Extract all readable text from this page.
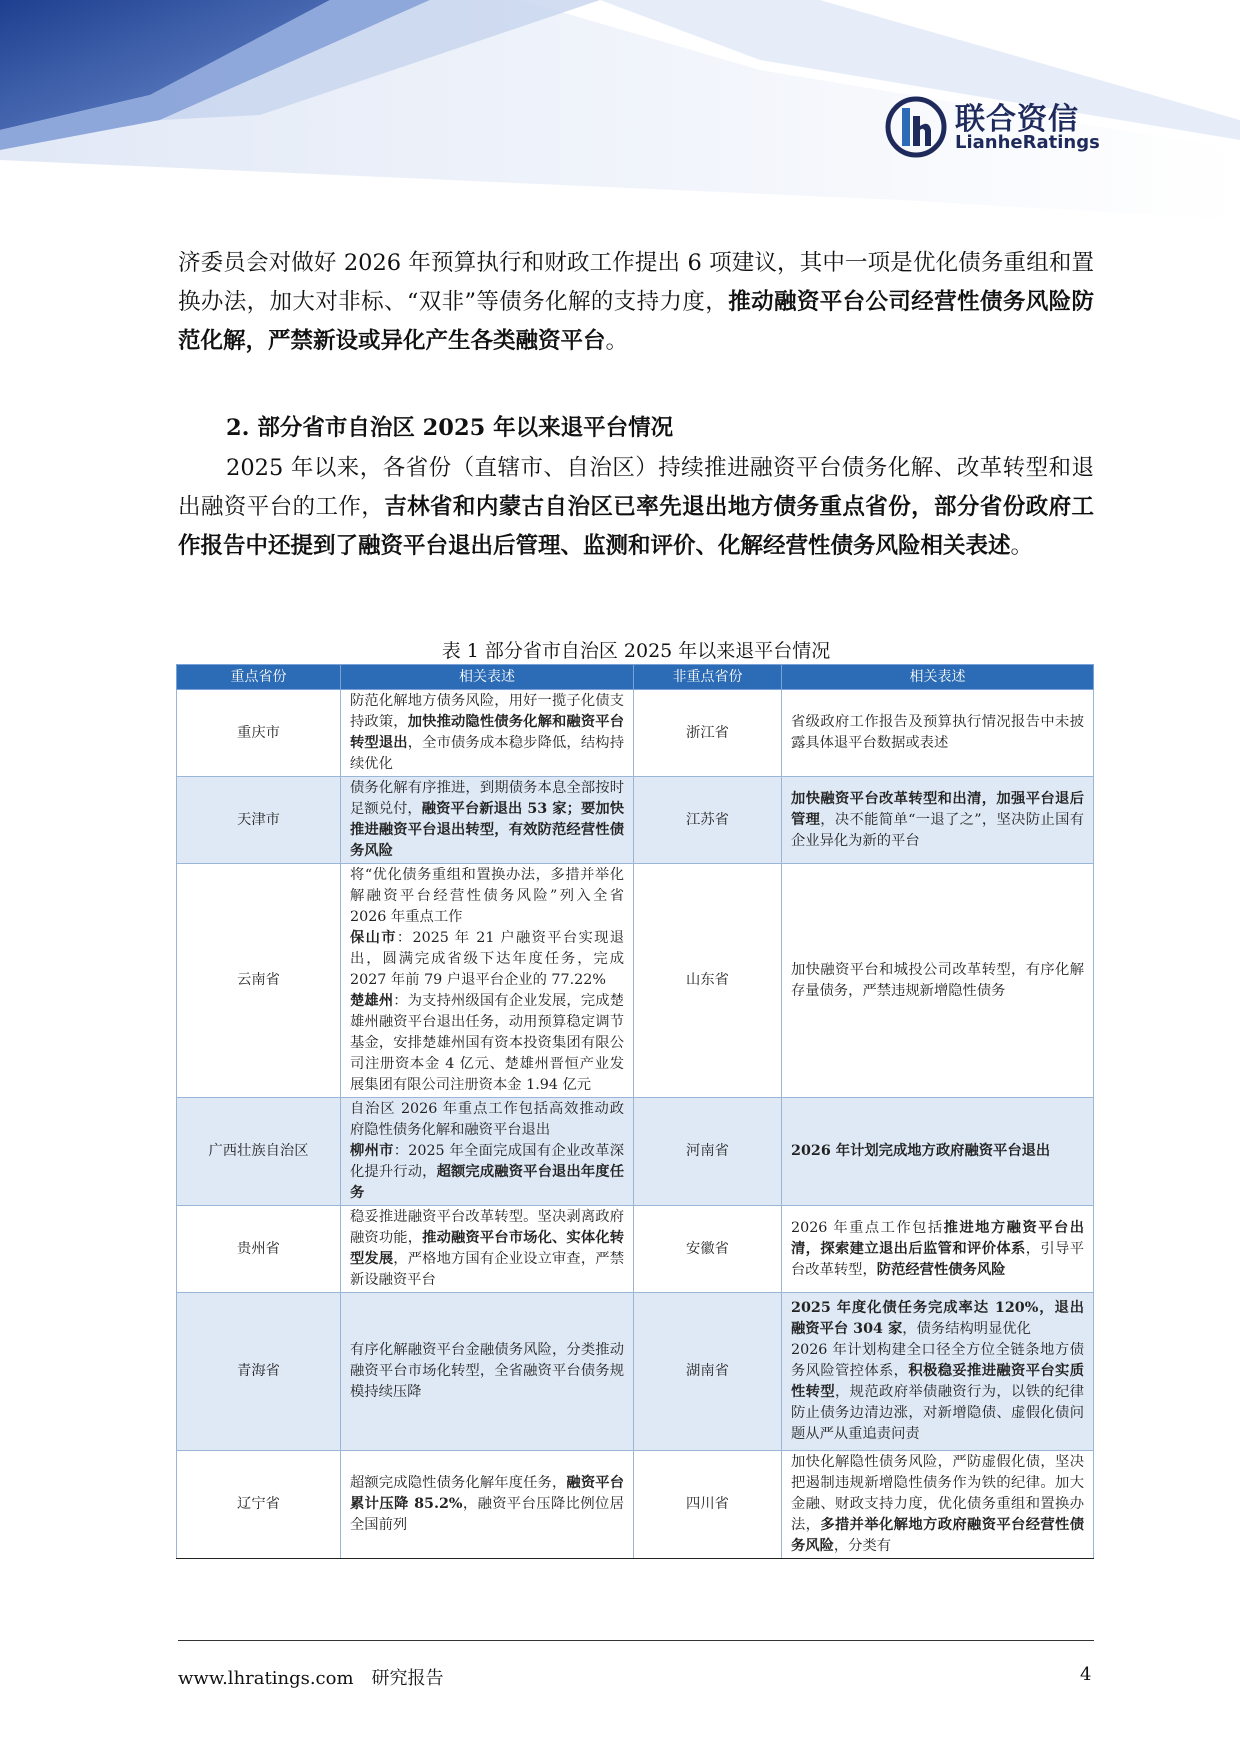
联合资信
LianheRatings

济委员会对做好 2026 年预算执行和财政工作提出 6 项建议，其中一项是优化债务重组和置换办法，加大对非标、“双非”等债务化解的支持力度，推动融资平台公司经营性债务风险防范化解，严禁新设或异化产生各类融资平台。

2. 部分省市自治区 2025 年以来退平台情况

2025 年以来，各省份（直辖市、自治区）持续推进融资平台债务化解、改革转型和退出融资平台的工作，吉林省和内蒙古自治区已率先退出地方债务重点省份，部分省份政府工作报告中还提到了融资平台退出后管理、监测和评价、化解经营性债务风险相关表述。

表 1 部分省市自治区 2025 年以来退平台情况

重点省份	相关表述	非重点省份	相关表述
重庆市	防范化解地方债务风险，用好一揽子化债支持政策，加快推动隐性债务化解和融资平台转型退出，全市债务成本稳步降低，结构持续优化	浙江省	省级政府工作报告及预算执行情况报告中未披露具体退平台数据或表述
天津市	债务化解有序推进，到期债务本息全部按时足额兑付，融资平台新退出 53 家；要加快推进融资平台退出转型，有效防范经营性债务风险	江苏省	加快融资平台改革转型和出清，加强平台退后管理，决不能简单“一退了之”，坚决防止国有企业异化为新的平台
云南省	将“优化债务重组和置换办法，多措并举化解融资平台经营性债务风险”列入全省 2026 年重点工作
保山市：2025 年 21 户融资平台实现退出，圆满完成省级下达年度任务，完成 2027 年前 79 户退平台企业的 77.22%
楚雄州：为支持州级国有企业发展，完成楚雄州融资平台退出任务，动用预算稳定调节基金，安排楚雄州国有资本投资集团有限公司注册资本金 4 亿元、楚雄州晋恒产业发展集团有限公司注册资本金 1.94 亿元	山东省	加快融资平台和城投公司改革转型，有序化解存量债务，严禁违规新增隐性债务
广西壮族自治区	自治区 2026 年重点工作包括高效推动政府隐性债务化解和融资平台退出
柳州市：2025 年全面完成国有企业改革深化提升行动，超额完成融资平台退出年度任务	河南省	2026 年计划完成地方政府融资平台退出
贵州省	稳妥推进融资平台改革转型。坚决剥离政府融资功能，推动融资平台市场化、实体化转型发展，严格地方国有企业设立审查，严禁新设融资平台	安徽省	2026 年重点工作包括推进地方融资平台出清，探索建立退出后监管和评价体系，引导平台改革转型，防范经营性债务风险
青海省	有序化解融资平台金融债务风险，分类推动融资平台市场化转型，全省融资平台债务规模持续压降	湖南省	2025 年度化债任务完成率达 120%，退出融资平台 304 家，债务结构明显优化
2026 年计划构建全口径全方位全链条地方债务风险管控体系，积极稳妥推进融资平台实质性转型，规范政府举债融资行为，以铁的纪律防止债务边清边涨，对新增隐债、虚假化债问题从严从重追责问责
辽宁省	超额完成隐性债务化解年度任务，融资平台累计压降 85.2%，融资平台压降比例位居全国前列	四川省	加快化解隐性债务风险，严防虚假化债，坚决把遏制违规新增隐性债务作为铁的纪律。加大金融、财政支持力度，优化债务重组和置换办法，多措并举化解地方政府融资平台经营性债务风险，分类有
www.lhratings.com 研究报告	4
